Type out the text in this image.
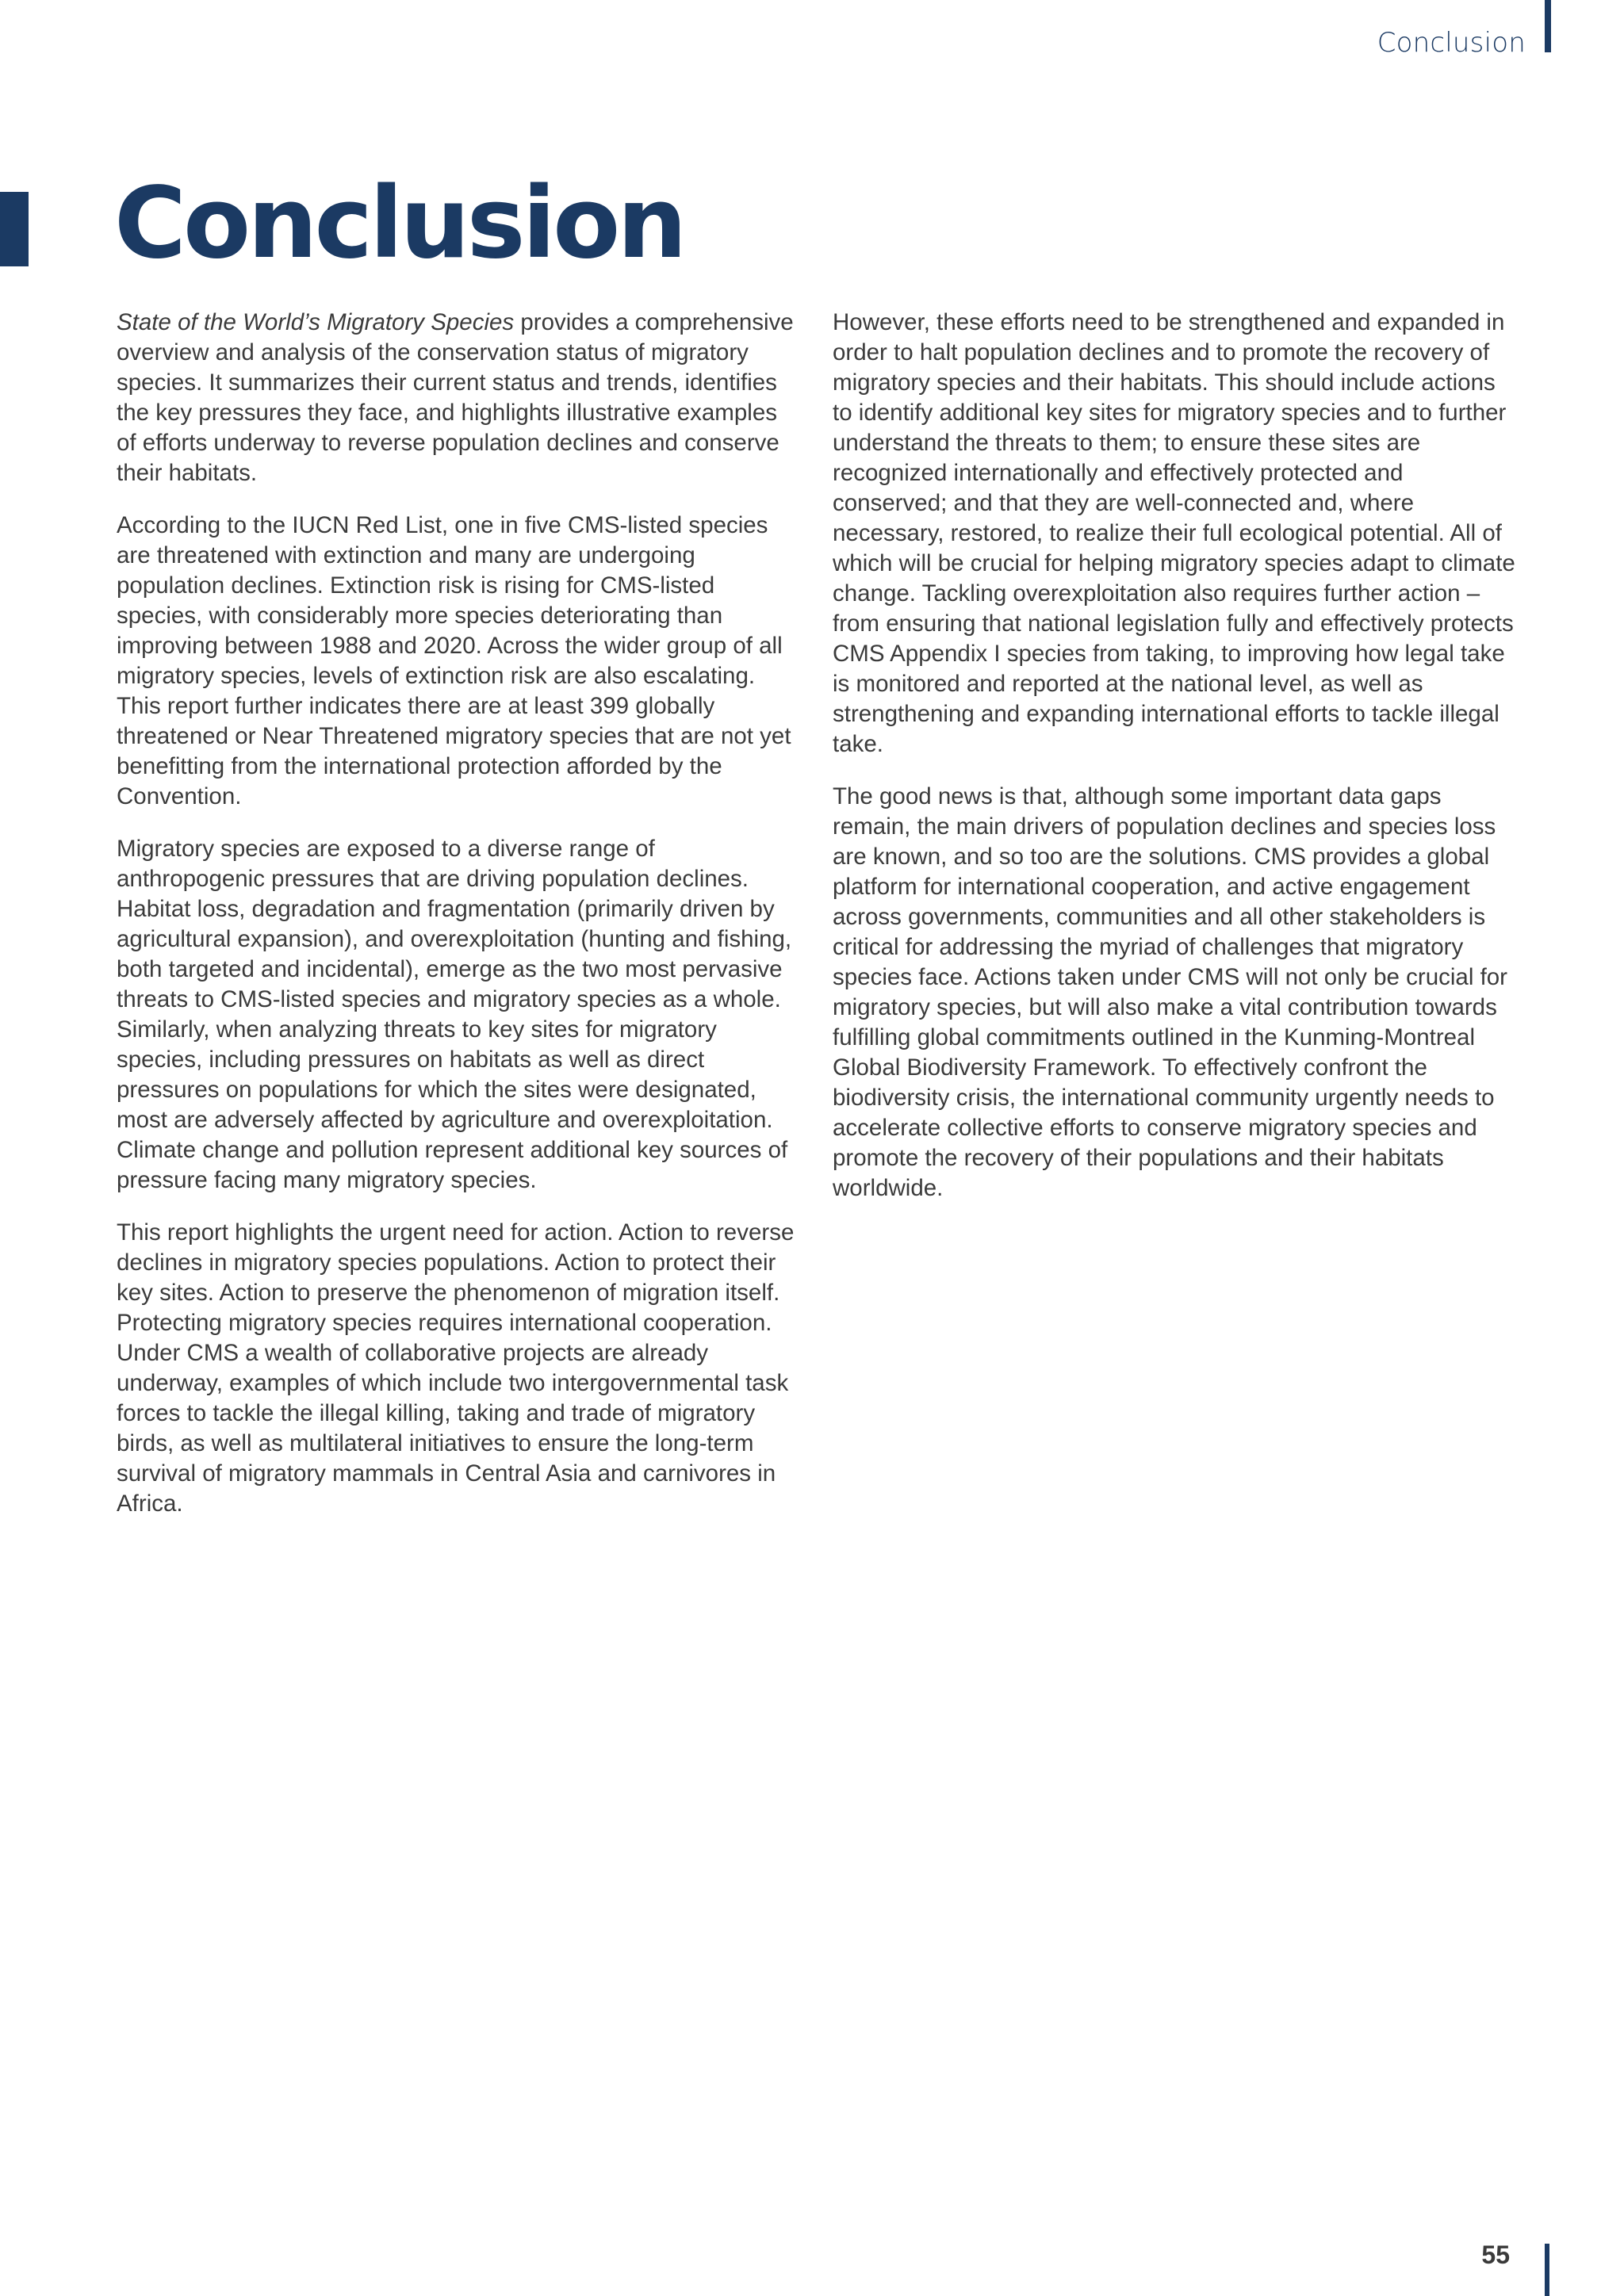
Conclusion
Conclusion

State of the World’s Migratory Species provides a comprehensive overview and analysis of the conservation status of migratory species. It summarizes their current status and trends, identifies the key pressures they face, and highlights illustrative examples of efforts underway to reverse population declines and conserve their habitats.

According to the IUCN Red List, one in five CMS-listed species are threatened with extinction and many are undergoing population declines. Extinction risk is rising for CMS-listed species, with considerably more species deteriorating than improving between 1988 and 2020. Across the wider group of all migratory species, levels of extinction risk are also escalating. This report further indicates there are at least 399 globally threatened or Near Threatened migratory species that are not yet benefitting from the international protection afforded by the Convention.

Migratory species are exposed to a diverse range of anthropogenic pressures that are driving population declines. Habitat loss, degradation and fragmentation (primarily driven by agricultural expansion), and overexploitation (hunting and fishing, both targeted and incidental), emerge as the two most pervasive threats to CMS-listed species and migratory species as a whole. Similarly, when analyzing threats to key sites for migratory species, including pressures on habitats as well as direct pressures on populations for which the sites were designated, most are adversely affected by agriculture and overexploitation. Climate change and pollution represent additional key sources of pressure facing many migratory species.

This report highlights the urgent need for action. Action to reverse declines in migratory species populations. Action to protect their key sites. Action to preserve the phenomenon of migration itself. Protecting migratory species requires international cooperation. Under CMS a wealth of collaborative projects are already underway, examples of which include two intergovernmental task forces to tackle the illegal killing, taking and trade of migratory birds, as well as multilateral initiatives to ensure the long-term survival of migratory mammals in Central Asia and carnivores in Africa.

However, these efforts need to be strengthened and expanded in order to halt population declines and to promote the recovery of migratory species and their habitats. This should include actions to identify additional key sites for migratory species and to further understand the threats to them; to ensure these sites are recognized internationally and effectively protected and conserved; and that they are well-connected and, where necessary, restored, to realize their full ecological potential. All of which will be crucial for helping migratory species adapt to climate change. Tackling overexploitation also requires further action – from ensuring that national legislation fully and effectively protects CMS Appendix I species from taking, to improving how legal take is monitored and reported at the national level, as well as strengthening and expanding international efforts to tackle illegal take.

The good news is that, although some important data gaps remain, the main drivers of population declines and species loss are known, and so too are the solutions. CMS provides a global platform for international cooperation, and active engagement across governments, communities and all other stakeholders is critical for addressing the myriad of challenges that migratory species face. Actions taken under CMS will not only be crucial for migratory species, but will also make a vital contribution towards fulfilling global commitments outlined in the Kunming-Montreal Global Biodiversity Framework. To effectively confront the biodiversity crisis, the international community urgently needs to accelerate collective efforts to conserve migratory species and promote the recovery of their populations and their habitats worldwide.

55
